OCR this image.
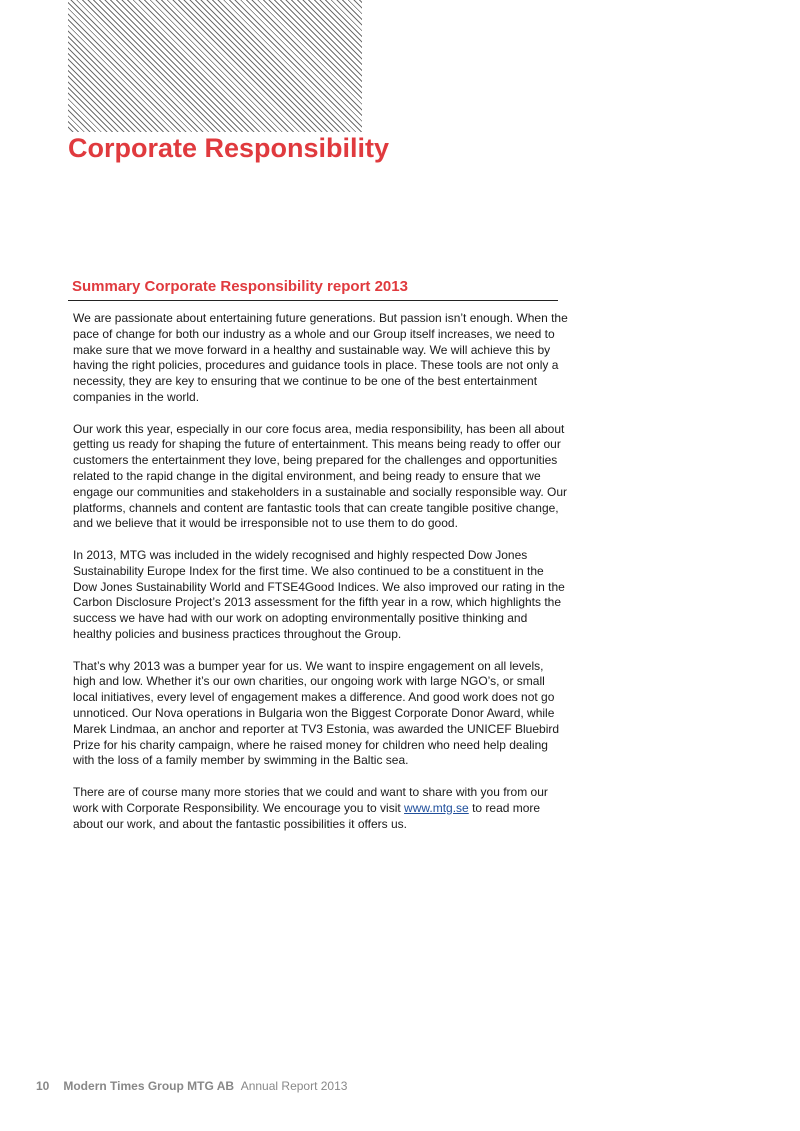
Corporate Responsibility
Summary Corporate Responsibility report 2013

We are passionate about entertaining future generations. But passion isn’t enough. When the pace of change for both our industry as a whole and our Group itself increases, we need to make sure that we move forward in a healthy and sustainable way. We will achieve this by having the right policies, procedures and guidance tools in place. These tools are not only a necessity, they are key to ensuring that we continue to be one of the best entertainment companies in the world.

Our work this year, especially in our core focus area, media responsibility, has been all about getting us ready for shaping the future of entertainment. This means being ready to offer our customers the entertainment they love, being prepared for the challenges and opportunities related to the rapid change in the digital environment, and being ready to ensure that we engage our communities and stakeholders in a sustainable and socially responsible way. Our platforms, channels and content are fantastic tools that can create tangible positive change, and we believe that it would be irresponsible not to use them to do good.

In 2013, MTG was included in the widely recognised and highly respected Dow Jones Sustainability Europe Index for the first time. We also continued to be a constituent in the Dow Jones Sustainability World and FTSE4Good Indices. We also improved our rating in the Carbon Disclosure Project’s 2013 assessment for the fifth year in a row, which highlights the success we have had with our work on adopting environmentally positive thinking and healthy policies and business practices throughout the Group.

That’s why 2013 was a bumper year for us. We want to inspire engagement on all levels, high and low. Whether it’s our own charities, our ongoing work with large NGO’s, or small local initiatives, every level of engagement makes a difference. And good work does not go unnoticed. Our Nova operations in Bulgaria won the Biggest Corporate Donor Award, while Marek Lindmaa, an anchor and reporter at TV3 Estonia, was awarded the UNICEF Bluebird Prize for his charity campaign, where he raised money for children who need help dealing with the loss of a family member by swimming in the Baltic sea.

There are of course many more stories that we could and want to share with you from our work with Corporate Responsibility. We encourage you to visit www.mtg.se to read more about our work, and about the fantastic possibilities it offers us.

10 Modern Times Group MTG AB Annual Report 2013
